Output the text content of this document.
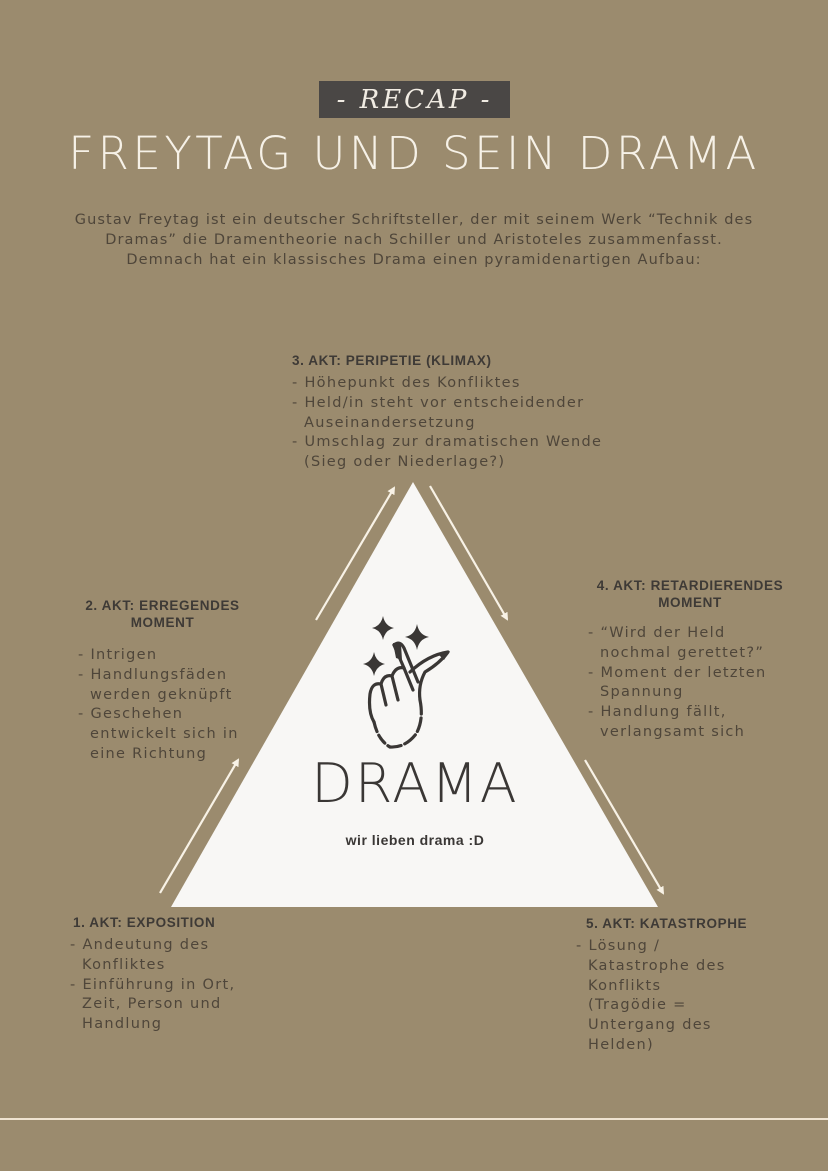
- RECAP -
FREYTAG UND SEIN DRAMA
Gustav Freytag ist ein deutscher Schriftsteller, der mit seinem Werk “Technik des Dramas” die Dramentheorie nach Schiller und Aristoteles zusammenfasst. Demnach hat ein klassisches Drama einen pyramidenartigen Aufbau:
DRAMA
wir lieben drama :D
3. AKT: PERIPETIE (KLIMAX)
- Höhepunkt des Konfliktes
- Held/in steht vor entscheidender Auseinandersetzung
- Umschlag zur dramatischen Wende (Sieg oder Niederlage?)
2. AKT: ERREGENDES
MOMENT
- Intrigen
- Handlungsfäden werden geknüpft
- Geschehen entwickelt sich in eine Richtung
4. AKT: RETARDIERENDES
MOMENT
- “Wird der Held nochmal gerettet?”
- Moment der letzten Spannung
- Handlung fällt, verlangsamt sich
1. AKT: EXPOSITION
- Andeutung des Konfliktes
- Einführung in Ort, Zeit, Person und Handlung
5. AKT: KATASTROPHE
- Lösung / Katastrophe des Konflikts (Tragödie = Untergang des Helden)
